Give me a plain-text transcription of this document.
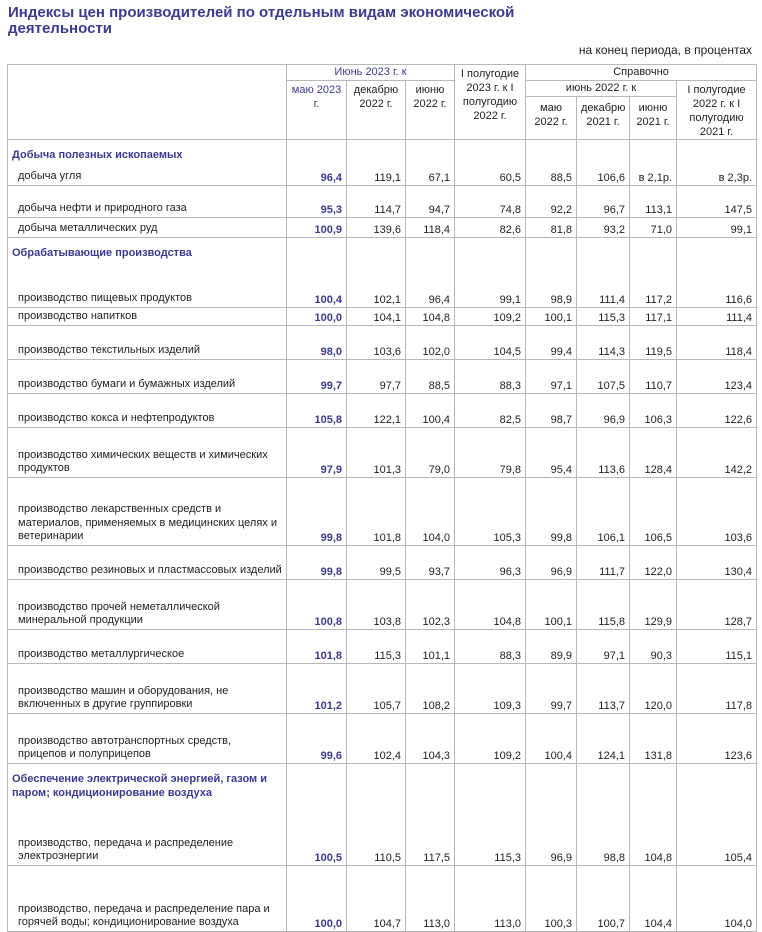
Индексы цен производителей по отдельным видам экономической деятельности
на конец периода, в процентах
	Июнь 2023 г. к			I полугодие 2023 г. к I полугодию 2022 г.	Справочно			
	маю 2023 г.	декабрю 2022 г.	июню 2022 г.		июнь 2022 г. к			I полугодие 2022 г. к I полугодию 2021 г.
					маю 2022 г.	декабрю 2021 г.	июню 2021 г.	
Добыча полезных ископаемых								
добыча угля	96,4	119,1	67,1	60,5	88,5	106,6	в 2,1р.	в 2,3р.
добыча нефти и природного газа	95,3	114,7	94,7	74,8	92,2	96,7	113,1	147,5
добыча металлических руд	100,9	139,6	118,4	82,6	81,8	93,2	71,0	99,1
Обрабатывающие производства								
производство пищевых продуктов	100,4	102,1	96,4	99,1	98,9	111,4	117,2	116,6
производство напитков	100,0	104,1	104,8	109,2	100,1	115,3	117,1	111,4
производство текстильных изделий	98,0	103,6	102,0	104,5	99,4	114,3	119,5	118,4
производство бумаги и бумажных изделий	99,7	97,7	88,5	88,3	97,1	107,5	110,7	123,4
производство кокса и нефтепродуктов	105,8	122,1	100,4	82,5	98,7	96,9	106,3	122,6
производство химических веществ и химических продуктов	97,9	101,3	79,0	79,8	95,4	113,6	128,4	142,2
производство лекарственных средств и материалов, применяемых в медицинских целях и ветеринарии	99,8	101,8	104,0	105,3	99,8	106,1	106,5	103,6
производство резиновых и пластмассовых изделий	99,8	99,5	93,7	96,3	96,9	111,7	122,0	130,4
производство прочей неметаллической минеральной продукции	100,8	103,8	102,3	104,8	100,1	115,8	129,9	128,7
производство металлургическое	101,8	115,3	101,1	88,3	89,9	97,1	90,3	115,1
производство машин и оборудования, не включенных в другие группировки	101,2	105,7	108,2	109,3	99,7	113,7	120,0	117,8
производство автотранспортных средств, прицепов и полуприцепов	99,6	102,4	104,3	109,2	100,4	124,1	131,8	123,6
Обеспечение электрической энергией, газом и паром; кондиционирование воздуха								
производство, передача и распределение электроэнергии	100,5	110,5	117,5	115,3	96,9	98,8	104,8	105,4
производство, передача и распределение пара и горячей воды; кондиционирование воздуха	100,0	104,7	113,0	113,0	100,3	100,7	104,4	104,0
